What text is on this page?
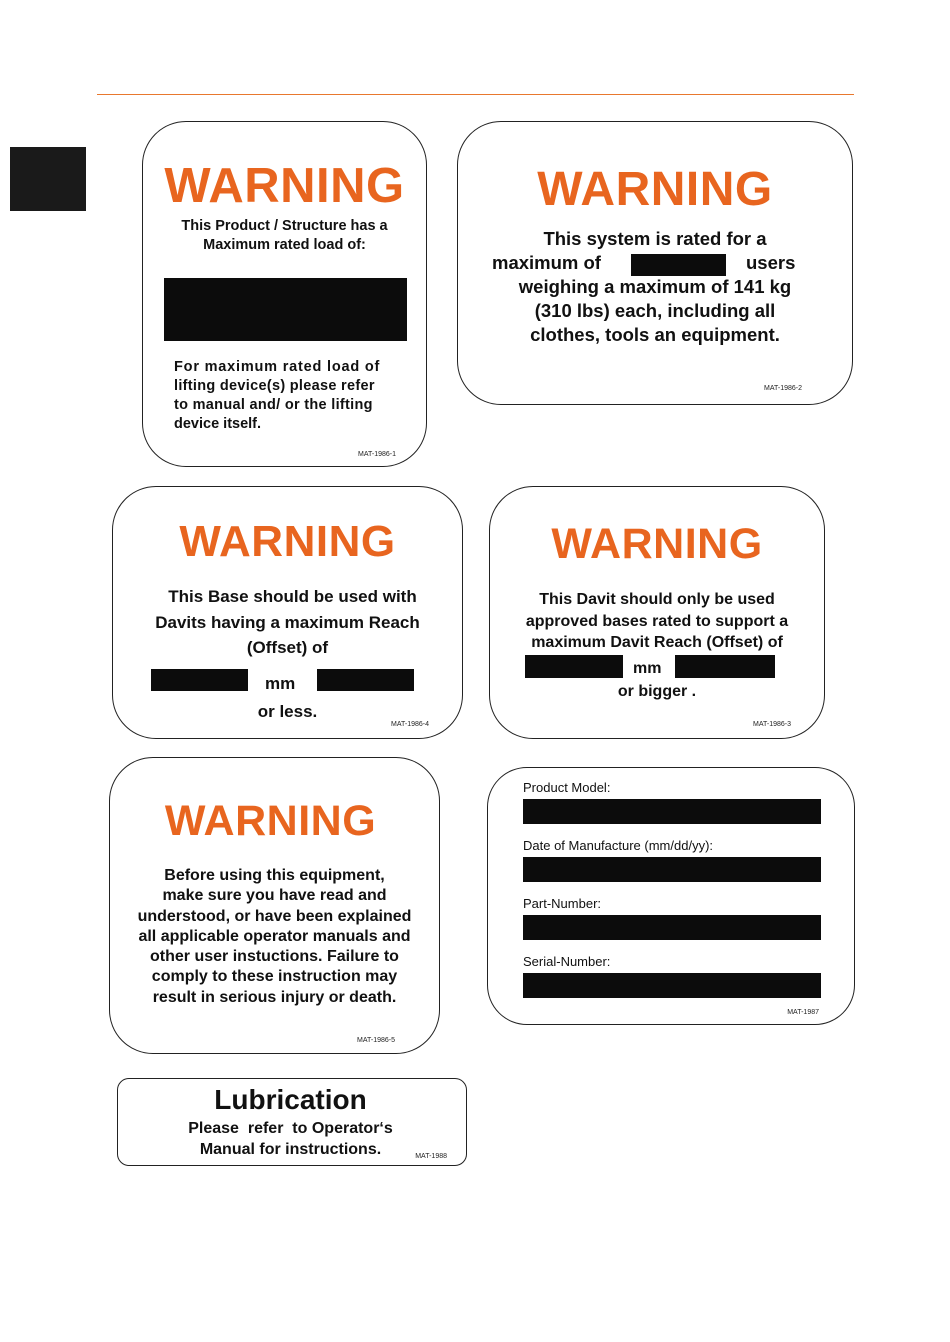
WARNING
This Product / Structure has a
Maximum rated load of:
For maximum rated load of
lifting device(s) please refer
to manual and/ or the lifting
device itself.
MAT-1986-1
WARNING
This system is rated for a
maximum of	users
weighing a maximum of 141 kg
(310 lbs) each, including all
clothes, tools an equipment.
MAT-1986-2
WARNING
This Base should be used with
Davits having a maximum Reach
(Offset) of
mm
or less.
MAT-1986-4
WARNING
This Davit should only be used
approved bases rated to support a
maximum Davit Reach (Offset) of
mm
or bigger .
MAT-1986-3
WARNING
Before using this equipment,
make sure you have read and
understood, or have been explained
all applicable operator manuals and
other user instuctions. Failure to
comply to these instruction may
result in serious injury or death.
MAT-1986-5
Product Model:
Date of Manufacture (mm/dd/yy):
Part-Number:
Serial-Number:
MAT-1987
Lubrication
Please  refer  to Operator‘s
Manual for instructions.	MAT-1988
